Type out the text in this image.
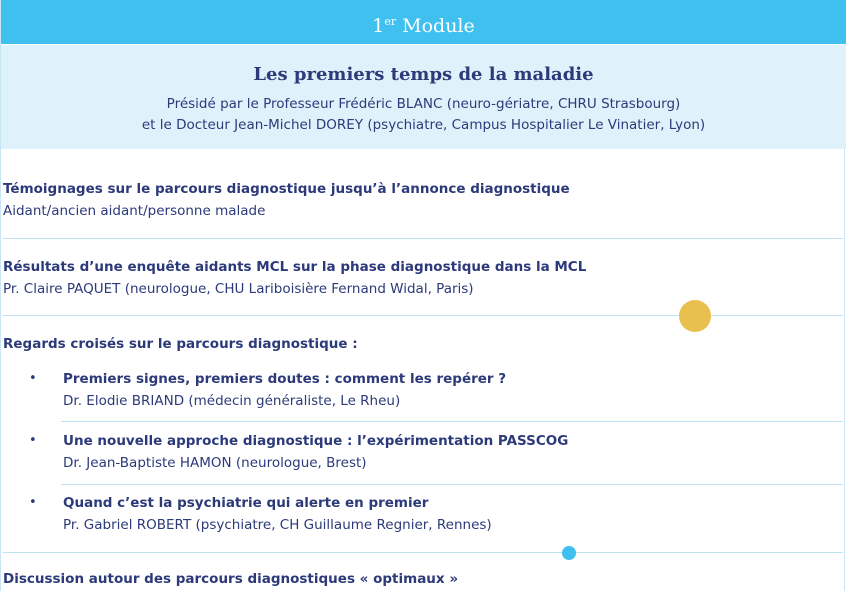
1er Module
Les premiers temps de la maladie
Présidé par le Professeur Frédéric BLANC (neuro-gériatre, CHRU Strasbourg)
et le Docteur Jean-Michel DOREY (psychiatre, Campus Hospitalier Le Vinatier, Lyon)
Témoignages sur le parcours diagnostique jusqu’à l’annonce diagnostique
Aidant/ancien aidant/personne malade
Résultats d’une enquête aidants MCL sur la phase diagnostique dans la MCL
Pr. Claire PAQUET (neurologue, CHU Lariboisière Fernand Widal, Paris)
Regards croisés sur le parcours diagnostique :
• Premiers signes, premiers doutes : comment les repérer ?
Dr. Elodie BRIAND (médecin généraliste, Le Rheu)
• Une nouvelle approche diagnostique : l’expérimentation PASSCOG
Dr. Jean-Baptiste HAMON (neurologue, Brest)
• Quand c’est la psychiatrie qui alerte en premier
Pr. Gabriel ROBERT (psychiatre, CH Guillaume Regnier, Rennes)
Discussion autour des parcours diagnostiques « optimaux »
